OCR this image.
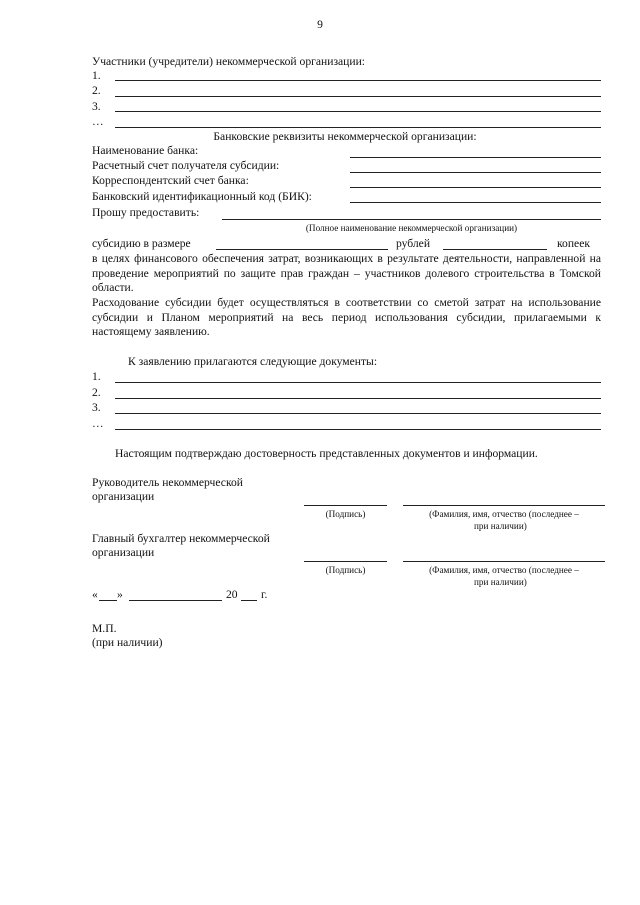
9
Участники (учредители) некоммерческой организации:
1.
2.
3.
…
Банковские реквизиты некоммерческой организации:
Наименование банка:
Расчетный счет получателя субсидии:
Корреспондентский счет банка:
Банковский идентификационный код (БИК):
Прошу предоставить:
(Полное наименование некоммерческой организации)
субсидию в размере	рублей	копеек
в целях финансового обеспечения затрат, возникающих в результате деятельности, направленной на проведение мероприятий по защите прав граждан – участников долевого строительства в Томской области.
Расходование субсидии будет осуществляться в соответствии со сметой затрат на использование субсидии и Планом мероприятий на весь период использования субсидии, прилагаемыми к настоящему заявлению.
К заявлению прилагаются следующие документы:
1.
2.
3.
…
Настоящим подтверждаю достоверность представленных документов и информации.
Руководитель некоммерческой
организации
(Подпись)	(Фамилия, имя, отчество (последнее –
при наличии)
Главный бухгалтер некоммерческой
организации
(Подпись)	(Фамилия, имя, отчество (последнее –
при наличии)
« »	20 г.
М.П.
(при наличии)
